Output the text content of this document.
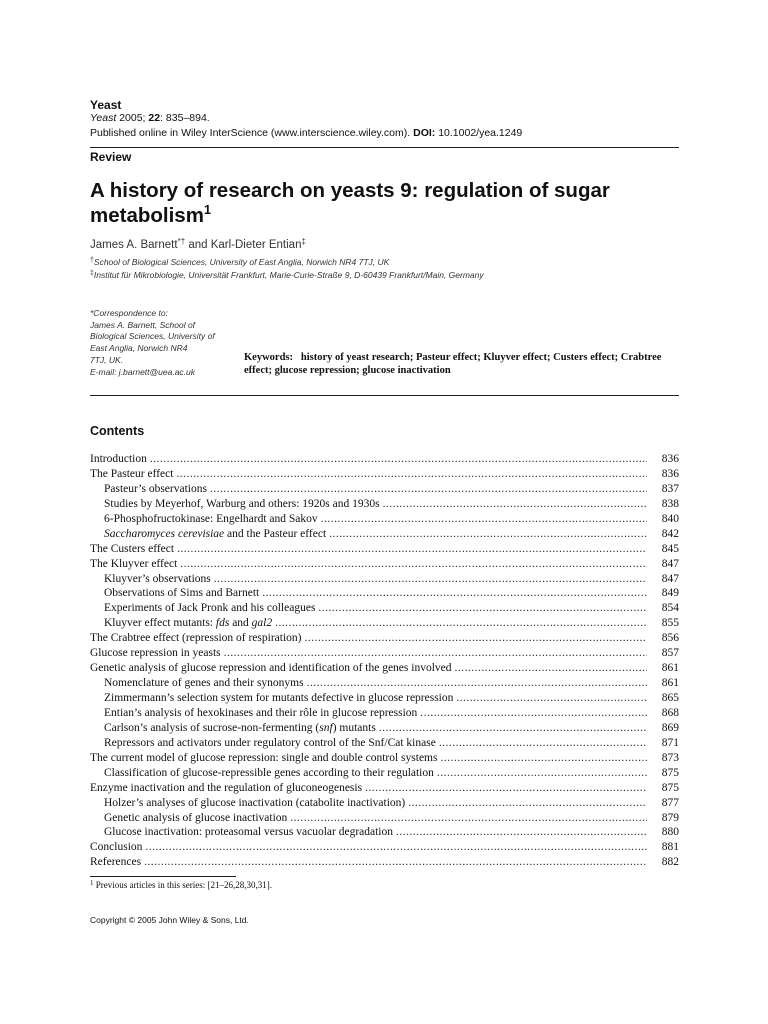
Yeast
Yeast 2005; 22: 835–894.
Published online in Wiley InterScience (www.interscience.wiley.com). DOI: 10.1002/yea.1249
Review
A history of research on yeasts 9: regulation of sugar metabolism$^1$
James A. Barnett*† and Karl-Dieter Entian‡
†School of Biological Sciences, University of East Anglia, Norwich NR4 7TJ, UK
‡Institut für Mikrobiologie, Universität Frankfurt, Marie-Curie-Straße 9, D-60439 Frankfurt/Main, Germany
*Correspondence to:
James A. Barnett, School of
Biological Sciences, University of
East Anglia, Norwich NR4
7TJ, UK.
E-mail: j.barnett@uea.ac.uk
Keywords: history of yeast research; Pasteur effect; Kluyver effect; Custers effect; Crabtree effect; glucose repression; glucose inactivation
Contents
Introduction . . .	836
The Pasteur effect . . .	836
Pasteur’s observations . . .	837
Studies by Meyerhof, Warburg and others: 1920s and 1930s . . .	838
6-Phosphofructokinase: Engelhardt and Sakov . . .	840
Saccharomyces cerevisiae and the Pasteur effect . . .	842
The Custers effect . . .	845
The Kluyver effect . . .	847
Kluyver’s observations . . .	847
Observations of Sims and Barnett . . .	849
Experiments of Jack Pronk and his colleagues . . .	854
Kluyver effect mutants: fds and gal2 . . .	855
The Crabtree effect (repression of respiration) . . .	856
Glucose repression in yeasts . . .	857
Genetic analysis of glucose repression and identification of the genes involved . . .	861
Nomenclature of genes and their synonyms . . .	861
Zimmermann’s selection system for mutants defective in glucose repression . . .	865
Entian’s analysis of hexokinases and their rôle in glucose repression . . .	868
Carlson’s analysis of sucrose-non-fermenting (snf) mutants . . .	869
Repressors and activators under regulatory control of the Snf/Cat kinase . . .	871
The current model of glucose repression: single and double control systems . . .	873
Classification of glucose-repressible genes according to their regulation . . .	875
Enzyme inactivation and the regulation of gluconeogenesis . . .	875
Holzer’s analyses of glucose inactivation (catabolite inactivation) . . .	877
Genetic analysis of glucose inactivation . . .	879
Glucose inactivation: proteasomal versus vacuolar degradation . . .	880
Conclusion . . .	881
References . . .	882
$^1$ Previous articles in this series: [21–26,28,30,31].
Copyright © 2005 John Wiley & Sons, Ltd.
